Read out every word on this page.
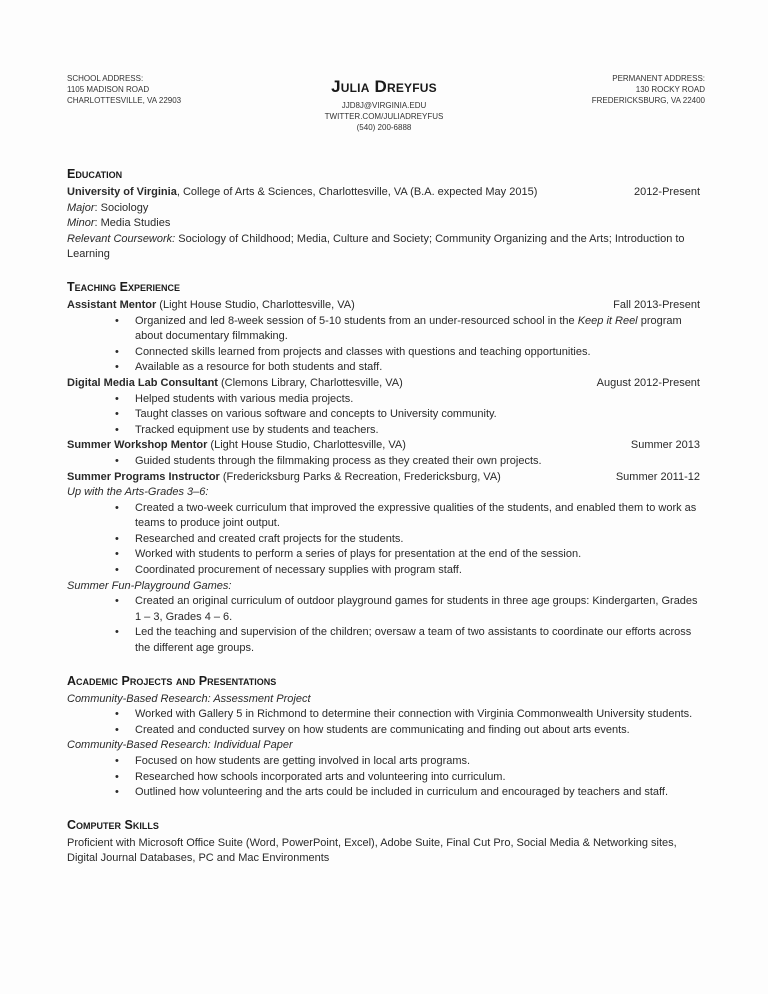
SCHOOL ADDRESS:
1105 MADISON ROAD
CHARLOTTESVILLE, VA 22903
Julia Dreyfus
JJD8J@VIRGINIA.EDU
TWITTER.COM/JULIADREYFUS
(540) 200-6888
PERMANENT ADDRESS:
130 ROCKY ROAD
FREDERICKSBURG, VA 22400
Education
University of Virginia, College of Arts & Sciences, Charlottesville, VA (B.A. expected May 2015)	2012-Present
Major: Sociology
Minor: Media Studies
Relevant Coursework: Sociology of Childhood; Media, Culture and Society; Community Organizing and the Arts; Introduction to Learning
Teaching Experience
Assistant Mentor (Light House Studio, Charlottesville, VA)	Fall 2013-Present
• Organized and led 8-week session of 5-10 students from an under-resourced school in the Keep it Reel program about documentary filmmaking.
• Connected skills learned from projects and classes with questions and teaching opportunities.
• Available as a resource for both students and staff.
Digital Media Lab Consultant (Clemons Library, Charlottesville, VA)	August 2012-Present
• Helped students with various media projects.
• Taught classes on various software and concepts to University community.
• Tracked equipment use by students and teachers.
Summer Workshop Mentor (Light House Studio, Charlottesville, VA)	Summer 2013
• Guided students through the filmmaking process as they created their own projects.
Summer Programs Instructor (Fredericksburg Parks & Recreation, Fredericksburg, VA)	Summer 2011-12
Up with the Arts-Grades 3–6:
• Created a two-week curriculum that improved the expressive qualities of the students, and enabled them to work as teams to produce joint output.
• Researched and created craft projects for the students.
• Worked with students to perform a series of plays for presentation at the end of the session.
• Coordinated procurement of necessary supplies with program staff.
Summer Fun-Playground Games:
• Created an original curriculum of outdoor playground games for students in three age groups: Kindergarten, Grades 1 – 3, Grades 4 – 6.
• Led the teaching and supervision of the children; oversaw a team of two assistants to coordinate our efforts across the different age groups.
Academic Projects and Presentations
Community-Based Research: Assessment Project
• Worked with Gallery 5 in Richmond to determine their connection with Virginia Commonwealth University students.
• Created and conducted survey on how students are communicating and finding out about arts events.
Community-Based Research: Individual Paper
• Focused on how students are getting involved in local arts programs.
• Researched how schools incorporated arts and volunteering into curriculum.
• Outlined how volunteering and the arts could be included in curriculum and encouraged by teachers and staff.
Computer Skills
Proficient with Microsoft Office Suite (Word, PowerPoint, Excel), Adobe Suite, Final Cut Pro, Social Media & Networking sites, Digital Journal Databases, PC and Mac Environments
